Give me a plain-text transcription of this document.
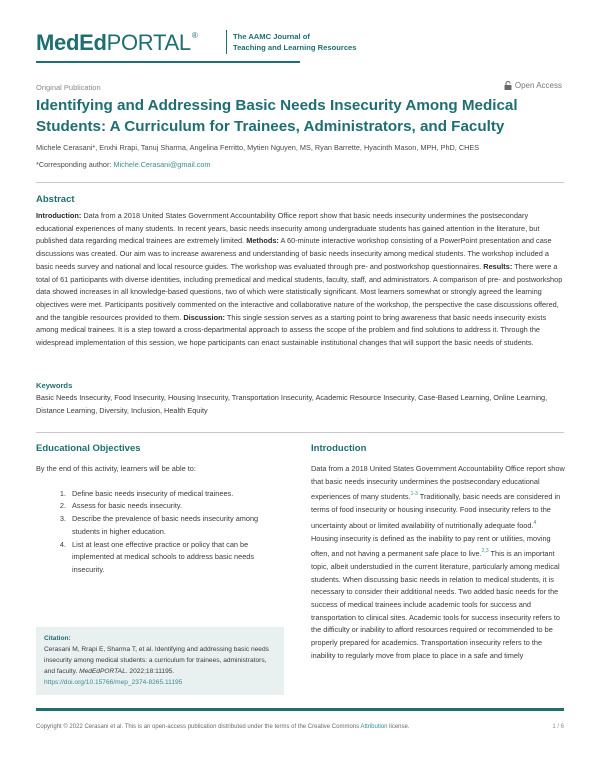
MedEdPORTAL®	The AAMC Journal of
Teaching and Learning Resources
Original Publication	Open Access
Identifying and Addressing Basic Needs Insecurity Among Medical Students: A Curriculum for Trainees, Administrators, and Faculty
Michele Cerasani*, Enxhi Rrapi, Tanuj Sharma, Angelina Ferritto, Mytien Nguyen, MS, Ryan Barrette, Hyacinth Mason, MPH, PhD, CHES
*Corresponding author: Michele.Cerasani@gmail.com
Abstract

Introduction: Data from a 2018 United States Government Accountability Office report show that basic needs insecurity undermines the postsecondary educational experiences of many students. In recent years, basic needs insecurity among undergraduate students has gained attention in the literature, but published data regarding medical trainees are extremely limited. Methods: A 60-minute interactive workshop consisting of a PowerPoint presentation and case discussions was created. Our aim was to increase awareness and understanding of basic needs insecurity among medical students. The workshop included a basic needs survey and national and local resource guides. The workshop was evaluated through pre- and postworkshop questionnaires. Results: There were a total of 61 participants with diverse identities, including premedical and medical students, faculty, staff, and administrators. A comparison of pre- and postworkshop data showed increases in all knowledge-based questions, two of which were statistically significant. Most learners somewhat or strongly agreed the learning objectives were met. Participants positively commented on the interactive and collaborative nature of the workshop, the perspective the case discussions offered, and the tangible resources provided to them. Discussion: This single session serves as a starting point to bring awareness that basic needs insecurity exists among medical trainees. It is a step toward a cross-departmental approach to assess the scope of the problem and find solutions to address it. Through the widespread implementation of this session, we hope participants can enact sustainable institutional changes that will support the basic needs of students.

Keywords

Basic Needs Insecurity, Food Insecurity, Housing Insecurity, Transportation Insecurity, Academic Resource Insecurity, Case-Based Learning, Online Learning, Distance Learning, Diversity, Inclusion, Health Equity

Educational Objectives

By the end of this activity, learners will be able to:

1. Define basic needs insecurity of medical trainees.
2. Assess for basic needs insecurity.
3. Describe the prevalence of basic needs insecurity among students in higher education.
4. List at least one effective practice or policy that can be implemented at medical schools to address basic needs insecurity.
Citation:
Cerasani M, Rrapi E, Sharma T, et al. Identifying and addressing basic needs insecurity among medical students: a curriculum for trainees, administrators, and faculty. MedEdPORTAL. 2022;18:11195.
https://doi.org/10.15766/mep_2374-8265.11195
Introduction

Data from a 2018 United States Government Accountability Office report show that basic needs insecurity undermines the postsecondary educational experiences of many students.$^{1-3}$ Traditionally, basic needs are considered in terms of food insecurity or housing insecurity. Food insecurity refers to the uncertainty about or limited availability of nutritionally adequate food.$^4$ Housing insecurity is defined as the inability to pay rent or utilities, moving often, and not having a permanent safe place to live.$^{2,3}$ This is an important topic, albeit understudied in the current literature, particularly among medical students. When discussing basic needs in relation to medical students, it is necessary to consider their additional needs. Two added basic needs for the success of medical trainees include academic tools for success and transportation to clinical sites. Academic tools for success insecurity refers to the difficulty or inability to afford resources required or recommended to be properly prepared for academics. Transportation insecurity refers to the inability to regularly move from place to place in a safe and timely

Copyright © 2022 Cerasani et al. This is an open-access publication distributed under the terms of the Creative Commons Attribution license.	1 / 6
